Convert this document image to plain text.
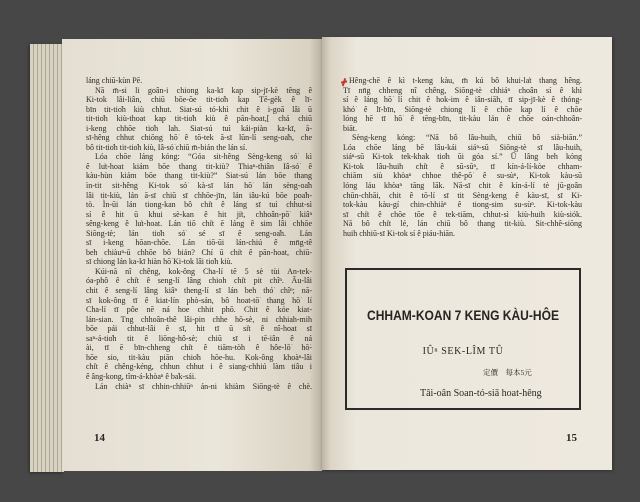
láng chiū-kùn Pē.
Nā m̄-si li goân-i chiong ka-kī kap sip-jī-kè têng ê
Ki-tok lâi-liân, chiū bōe-ōe tit-tio̍h kap Tē-gèk ê lī-
bīn tit-tio̍h kiù chhut. Siat-sú tó-khì chit ê i-goā lâi ū
tit-tio̍h kiù-thoat kap tit-tio̍h kiù ê pān-hoat,[ chá chiū
i-keng chhōe tio̍h lah. Siat-sú tuì kái-piàn ka-kī, ā-
sī-hêng chhut chiōng hō͘ ê tō-tek ā-sī lūn-lí seng-oa̍h, che
bô tit-tio̍h tit-tio̍h kiù, Iâ-só͘ chiū m̄-bián the lán sí.
Lóa chōe láng kóng: “Góa sit-hêng Sèng-keng só͘ kì
ê lu̍t-hoat kiám bōe thang tit-kiù? Thiaⁿ-thiân Iâ-só͘ ê
kàu-hùn kiám bōe thang tit-kiù?” Siat-sú lán bōe thang
ìn-tit sit-hêng Ki-tok só͘ kà-sī lán hō͘ lán sèng-oa̍h
lâi tit-kiù, lán ā-sī chiū sī chhōe-jīn, lán iâu-kú bōe poa̍h-
tò. Ìn-ūi lán tiong-kan bô chi̍t ê láng sī tuì chhut-sì
sí ê hit ū khui sè-kan ê hit ji̍t, chhoân-pō͘ kiâⁿ
sêng-keng ê lu̍t-hoat. Lán tiō chi̍t ē láng ê sim lâi chhōe
Siōng-tè; lán tio̍h só͘ sé sī ê seng-oa̍h. Lán
sī i-keng hōan-chōe. Lán tiō-ūi lán-chiú ê mn̄g-tê
beh chiàuⁿ-ū chhōe bô bián? Chí ū chi̍t ê pān-hoat, chiū-
sī chiong lán ka-kī hiàn hō͘ Ki-tok lâi tio̍h kiù.
Kúi-nā nî chêng, kok-ông Cha-lí tē 5 sè tùi An-tek-
óa-phô ê chi̍t ê seng-lí lâng chioh chi̍t pit chîⁿ. Āu-lâi
chit ê seng-lí lâng kiâⁿ theng-lí sī lán beh thó͘ chîⁿ; nā-
sī kok-ông tī ê kiat-lín phò-sán, bô hoat-tō͘ thang hō͘ lí
Cha-lí tī pôe nē ná hoe chhit phō. Chit ê kóe kiat-
lán-sian. Tng chhoân-thê lâi-pin chhe hō-sè, ni chhiah-mih
bōe pái chhut-lâi ê sī, hit tī ū si̍t ê nî-hoat sī
saⁿ-á-tio̍h tit ê liōng-hô-sè; chiū sī i tē-iân ê ná
ài, tī ē bīn-chheng chi̍t ê tiām-tòh ê hôe-lō͘ hō͘-
hōe sio, tit-kàu piān chio̍h hōe-hu. Kok-ông khoàⁿ-lâi
chi̍t ê chêng-kéng, chhun chhut i ê siang-chhiú làm tiâu i
ê âng-kong, tîm-á-khòaⁿ ê ba̍k-sái.
Lán chiàⁿ sī chhin-chhiūⁿ án-ni khiàm Siōng-tè ê chè.
14
Hêng-chē ê kì t-keng kàu, m̄ kú bô khui-la̍t thang hêng.
Tī nn̄g chheng nî chêng, Siōng-tè chhiáⁿ choân sí ê khì
sí ê láng hō͘ lí chit ê hok-im ê iân-siāh, tī sip-jī-kè ê thóng-
khó͘ ê lī-bīn, Siōng-tè chiong lí ê chōe kap lí ê chōe
lóng hē tī hō͘ ê tēng-bīn, tit-kàu lán ê chōe oán-chhoân-
biāt.
Sèng-keng kóng: “Nā bô lâu-huih, chiū bô sià-biān.”
Lóa chōe láng bē lâu-kái siáⁿ-sū Siōng-tè sī lâu-huih,
siáⁿ-sū Ki-tok tek-khak tio̍h ūi góa sí.” Ū lâng beh kóng
Ki-tok lâu-huih chi̍t ê sū-sūⁿ, tī kín-á-lí-kòe chham-
chiām siù khòaⁿ chhoe thê-pō͘ ê su-sùⁿ, Ki-tok kàu-sū
lóng láu khòaⁿ tāng lāk. Nā-sī chit ê kín-á-lí tè jū-goân
chūn-chhāi, chit ê tō-lí sī tit Sèng-keng ê kàu-sī, sī Ki-
tok-kàu kàu-gí chin-chhiàⁿ ê tiong-sim su-sùⁿ. Ki-tok-kàu
sī chi̍t ê chōe tōe ê tek-tiām, chhut-sì kiù-huih kiù-siók.
Nā bô chi̍t lé, lán chiū bô thang tit-kiù. Sit-chhê-siōng
huih chhiū-sī Ki-tok sí ê piáu-hiān.
CHHAM-KOAN 7 KENG KÀU-HÔE
IÛⁿ SEK-LÎM TÛ
定價　每本5元
Tâi-oân Soan-tó-siā hoat-hêng
15
